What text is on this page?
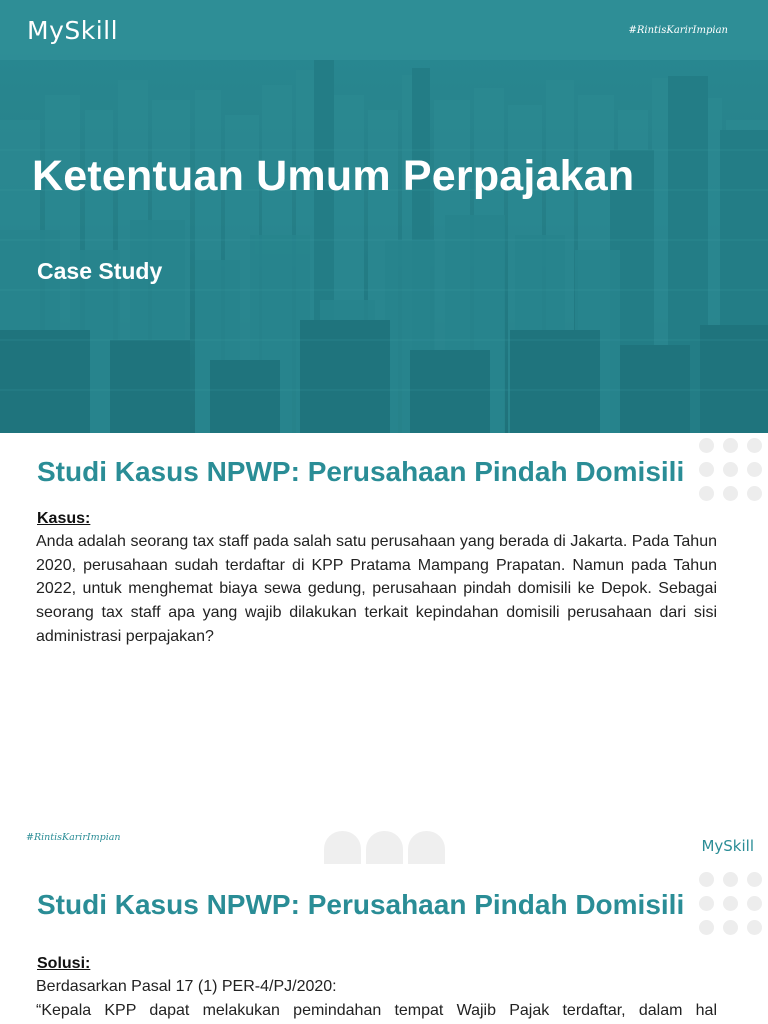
MySkill	#RintisKarirImpian
Ketentuan Umum Perpajakan
Case Study
Studi Kasus NPWP: Perusahaan Pindah Domisili
Kasus:

Anda adalah seorang tax staff pada salah satu perusahaan yang berada di Jakarta. Pada Tahun 2020, perusahaan sudah terdaftar di KPP Pratama Mampang Prapatan. Namun pada Tahun 2022, untuk menghemat biaya sewa gedung, perusahaan pindah domisili ke Depok. Sebagai seorang tax staff apa yang wajib dilakukan terkait kepindahan domisili perusahaan dari sisi administrasi perpajakan?

#RintisKarirImpian	MySkill
Studi Kasus NPWP: Perusahaan Pindah Domisili
Solusi:
Berdasarkan Pasal 17 (1) PER-4/PJ/2020:
“Kepala KPP dapat melakukan pemindahan tempat Wajib Pajak terdaftar, dalam hal
